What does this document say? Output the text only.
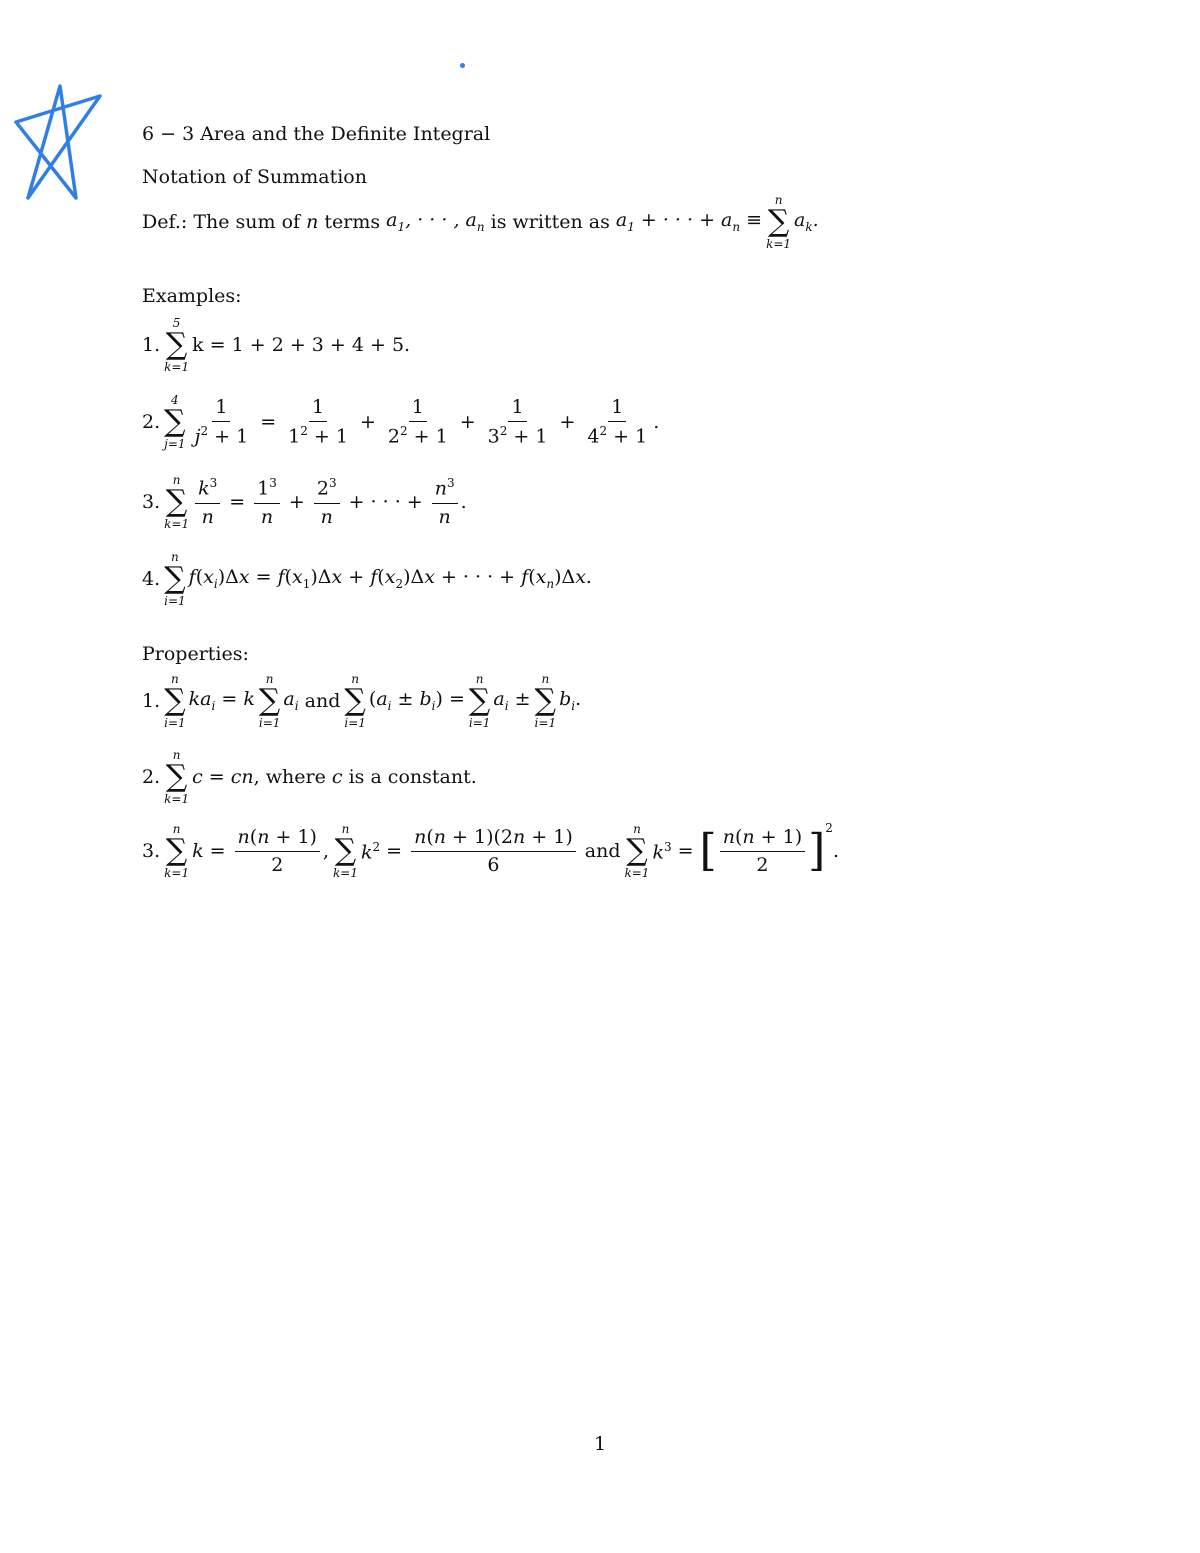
6 − 3 Area and the Definite Integral
Notation of Summation
Def.:
The sum of
n
terms
$a_1$, · · · , $a_n$
is written as
$a_1$ + · · · + $a_n$ ≡
n
∑
k=1
$a_k$.
Examples:
1.
5
∑
k=1
k = 1 + 2 + 3 + 4 + 5.
2.
4
∑
$j=1 \frac{1}{j^2 + 1} = \frac{1}{1^2 + 1} + \frac{1}{2^2 + 1} + \frac{1}{3^2 + 1} + \frac{1}{4^2 + 1}$ .
3.
n
∑
$k=1 \frac{k^3}{n} = \frac{1^3}{n} + \frac{2^3}{n}$ + · · · + $\frac{n^3}{n}$ .
4.
n
∑
i=1
$f(x_i)\Delta x = f(x_1)\Delta x + f(x_2)\Delta x$ + · · · + $f(x_n)\Delta x$.
Properties:
1.
n
∑
i=1
$ka_i = k$
n
∑
i=1
$a_i$ and
n
∑
i=1
$(a_i \pm b_i)$ =
n
∑
i=1
$a_i$ ±
n
∑
i=1
$b_i$.
2.
n
∑
k=1
c = cn, where
c
is a constant.
3.
n
∑
k=1
$k = \frac{n(n + 1)}{2}$ ,
n
∑
k=1
$k^2 = \frac{n(n + 1)(2n + 1)}{6}$ and
n
∑
k=1
$k^3$ = [ $\frac{n(n + 1)}{2} ]^2$
.
1
